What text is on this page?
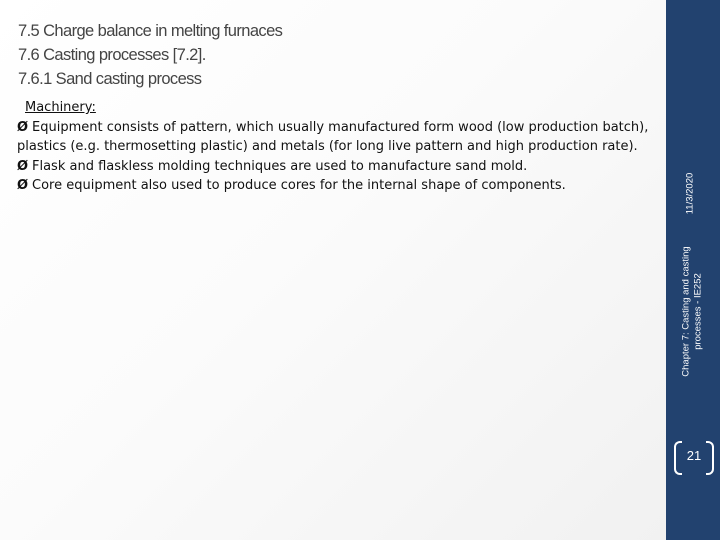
7.5 Charge balance in melting furnaces
7.6 Casting processes [7.2].
7.6.1 Sand casting process
Machinery:
Ø Equipment consists of pattern, which usually manufactured form wood (low production batch), plastics (e.g. thermosetting plastic) and metals (for long live pattern and high production rate).
Ø Flask and flaskless molding techniques are used to manufacture sand mold.
Ø Core equipment also used to produce cores for the internal shape of components.	11/3/2020
Chapter 7: Casting and casting processes - IE252
21
